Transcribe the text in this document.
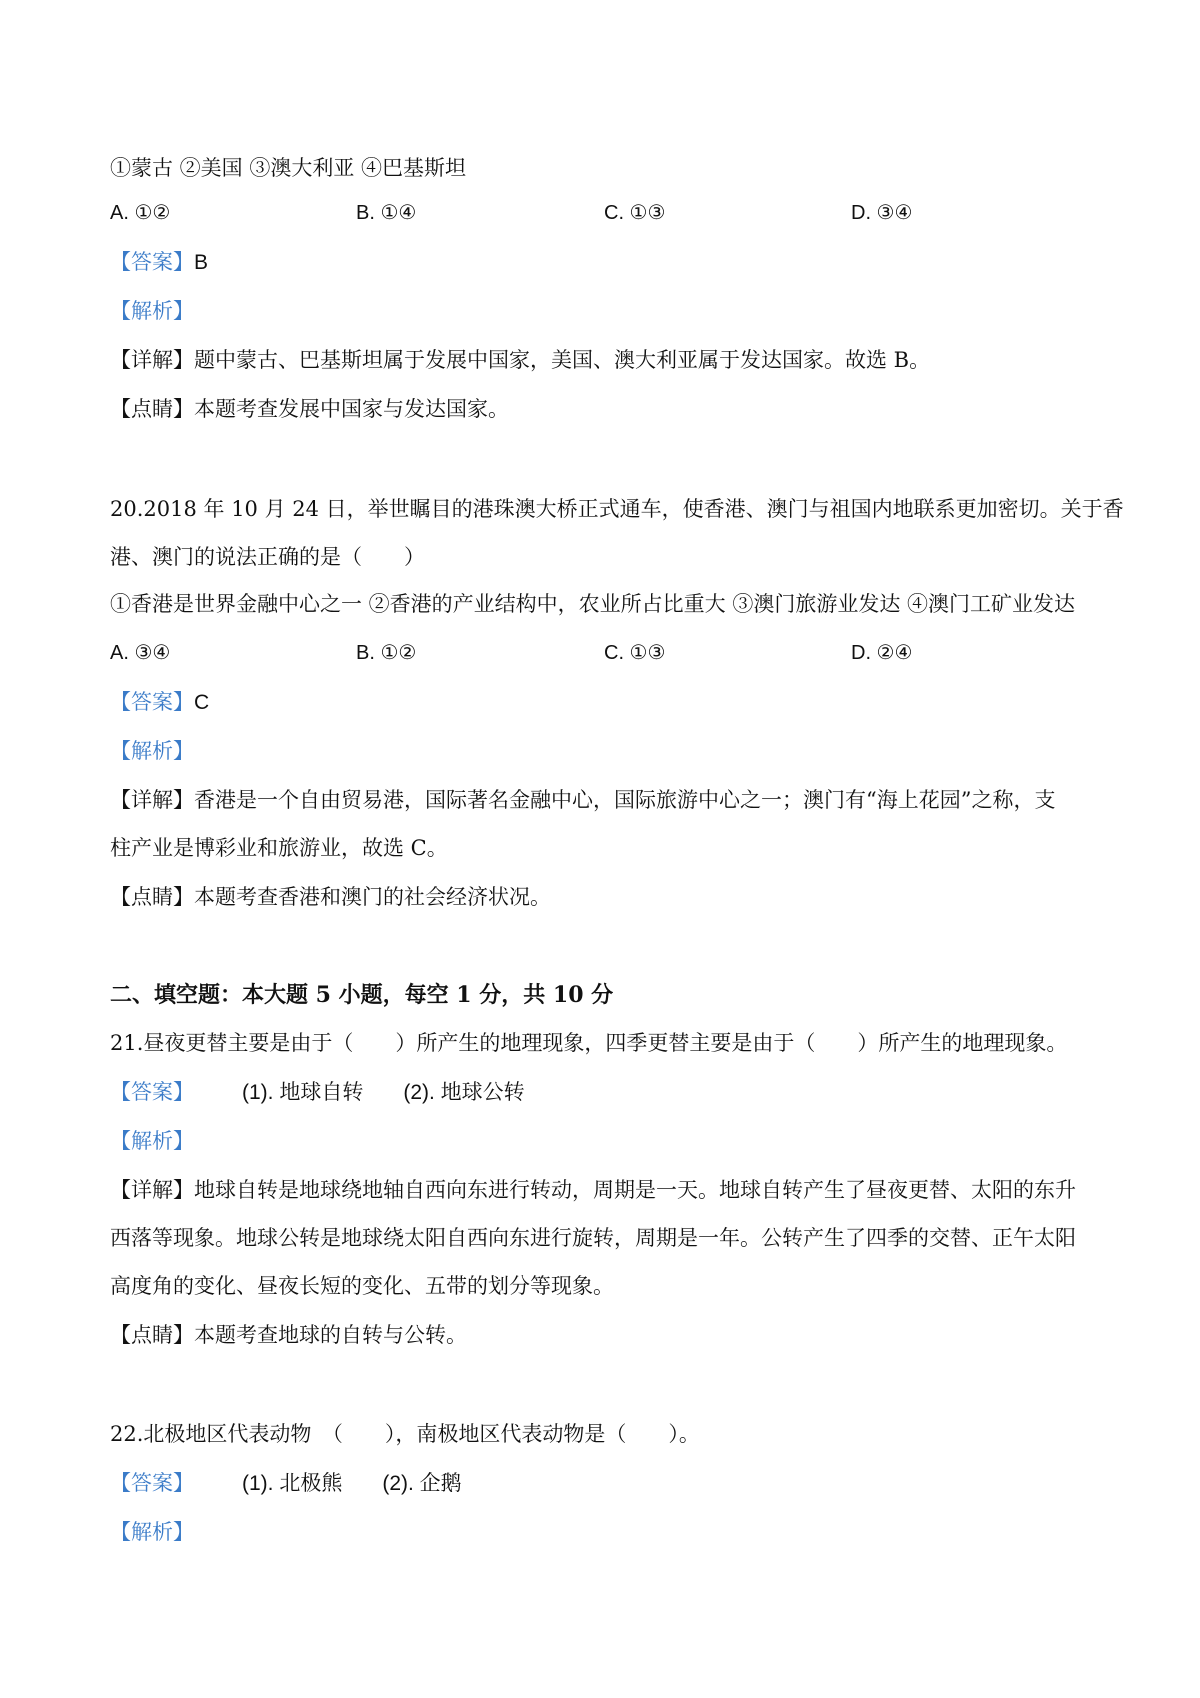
①蒙古 ②美国 ③澳大利亚 ④巴基斯坦
A. ①②	B. ①④	C. ①③	D. ③④
【答案】B
【解析】
【详解】题中蒙古、巴基斯坦属于发展中国家，美国、澳大利亚属于发达国家。故选 B。
【点睛】本题考查发展中国家与发达国家。
20.2018 年 10 月 24 日，举世瞩目的港珠澳大桥正式通车，使香港、澳门与祖国内地联系更加密切。关于香
港、澳门的说法正确的是（　　）
①香港是世界金融中心之一 ②香港的产业结构中，农业所占比重大 ③澳门旅游业发达 ④澳门工矿业发达
A. ③④	B. ①②	C. ①③	D. ②④
【答案】C
【解析】
【详解】香港是一个自由贸易港，国际著名金融中心，国际旅游中心之一；澳门有“海上花园”之称，支
柱产业是博彩业和旅游业，故选 C。
【点睛】本题考查香港和澳门的社会经济状况。
二、填空题：本大题 5 小题，每空 1 分，共 10 分
21.昼夜更替主要是由于（　　）所产生的地理现象，四季更替主要是由于（　　）所产生的地理现象。
【答案】 (1). 地球自转 (2). 地球公转
【解析】
【详解】地球自转是地球绕地轴自西向东进行转动，周期是一天。地球自转产生了昼夜更替、太阳的东升
西落等现象。地球公转是地球绕太阳自西向东进行旋转，周期是一年。公转产生了四季的交替、正午太阳
高度角的变化、昼夜长短的变化、五带的划分等现象。
【点睛】本题考查地球的自转与公转。
22.北极地区代表动物　（　　），南极地区代表动物是（　　）。
【答案】 (1). 北极熊 (2). 企鹅
【解析】
